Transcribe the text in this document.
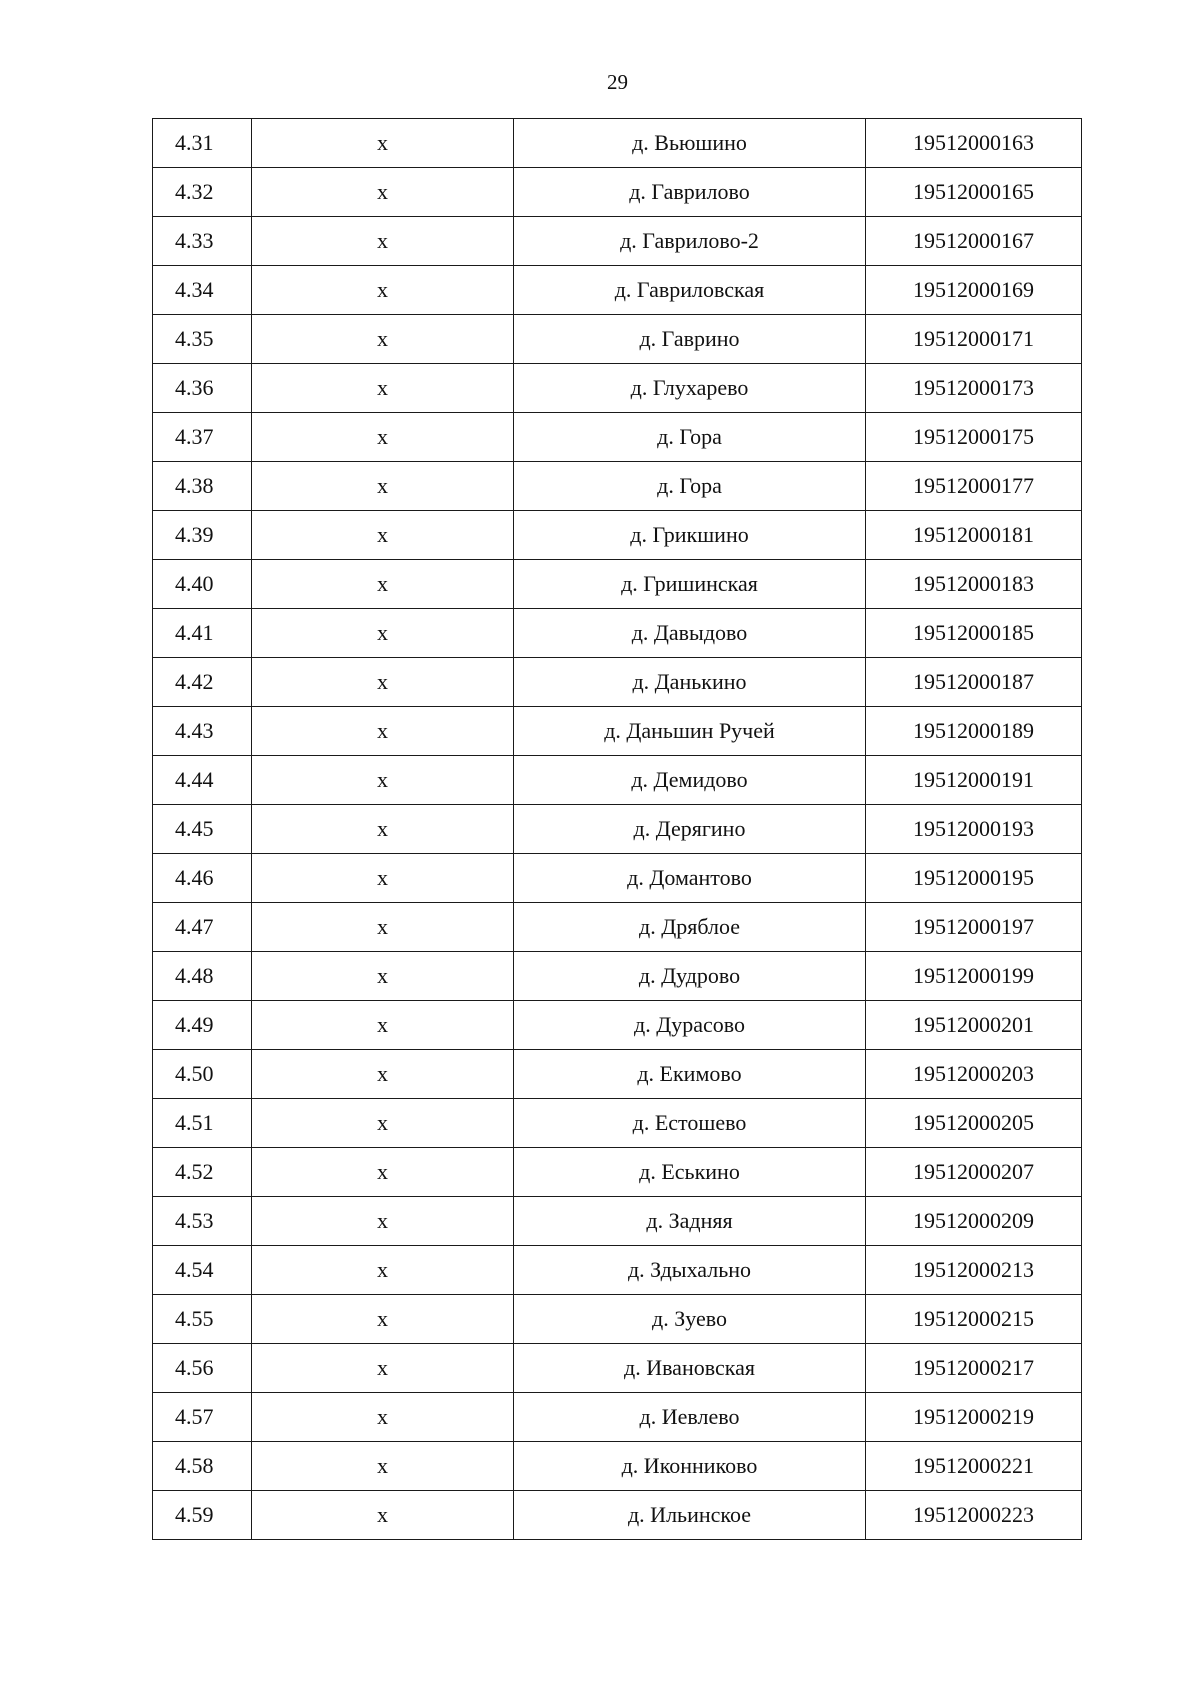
29
4.31	x	д. Вьюшино	19512000163
4.32	x	д. Гаврилово	19512000165
4.33	x	д. Гаврилово-2	19512000167
4.34	x	д. Гавриловская	19512000169
4.35	x	д. Гаврино	19512000171
4.36	x	д. Глухарево	19512000173
4.37	x	д. Гора	19512000175
4.38	x	д. Гора	19512000177
4.39	x	д. Грикшино	19512000181
4.40	x	д. Гришинская	19512000183
4.41	x	д. Давыдово	19512000185
4.42	x	д. Данькино	19512000187
4.43	x	д. Даньшин Ручей	19512000189
4.44	x	д. Демидово	19512000191
4.45	x	д. Дерягино	19512000193
4.46	x	д. Домантово	19512000195
4.47	x	д. Дряблое	19512000197
4.48	x	д. Дудрово	19512000199
4.49	x	д. Дурасово	19512000201
4.50	x	д. Екимово	19512000203
4.51	x	д. Естошево	19512000205
4.52	x	д. Еськино	19512000207
4.53	x	д. Задняя	19512000209
4.54	x	д. Здыхально	19512000213
4.55	x	д. Зуево	19512000215
4.56	x	д. Ивановская	19512000217
4.57	x	д. Иевлево	19512000219
4.58	x	д. Иконниково	19512000221
4.59	x	д. Ильинское	19512000223
